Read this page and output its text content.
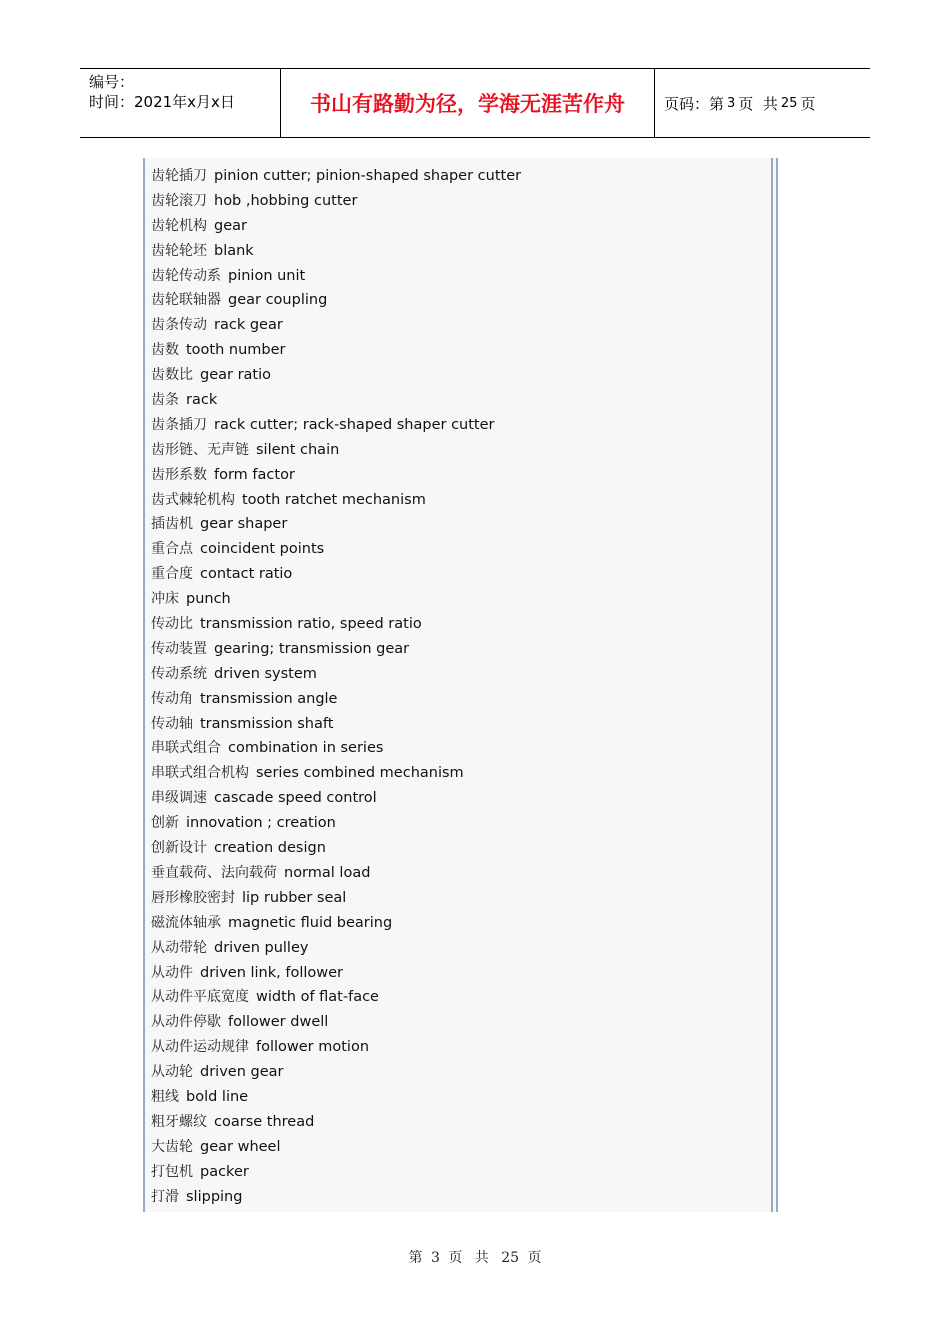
编号：
时间：2021年x月x日	书山有路勤为径，学海无涯苦作舟	页码：第 3 页  共 25 页
齿轮插刀 pinion cutter; pinion-shaped shaper cutter
齿轮滚刀 hob ,hobbing cutter
齿轮机构 gear
齿轮轮坯 blank
齿轮传动系 pinion unit
齿轮联轴器 gear coupling
齿条传动 rack gear
齿数 tooth number
齿数比 gear ratio
齿条 rack
齿条插刀 rack cutter; rack-shaped shaper cutter
齿形链、无声链 silent chain
齿形系数 form factor
齿式棘轮机构 tooth ratchet mechanism
插齿机 gear shaper
重合点 coincident points
重合度 contact ratio
冲床 punch
传动比 transmission ratio, speed ratio
传动装置 gearing; transmission gear
传动系统 driven system
传动角 transmission angle
传动轴 transmission shaft
串联式组合 combination in series
串联式组合机构 series combined mechanism
串级调速 cascade speed control
创新 innovation ; creation
创新设计 creation design
垂直载荷、法向载荷 normal load
唇形橡胶密封 lip rubber seal
磁流体轴承 magnetic fluid bearing
从动带轮 driven pulley
从动件 driven link, follower
从动件平底宽度 width of flat-face
从动件停歇 follower dwell
从动件运动规律 follower motion
从动轮 driven gear
粗线 bold line
粗牙螺纹 coarse thread
大齿轮 gear wheel
打包机 packer
打滑 slipping
第 3 页 共 25 页
